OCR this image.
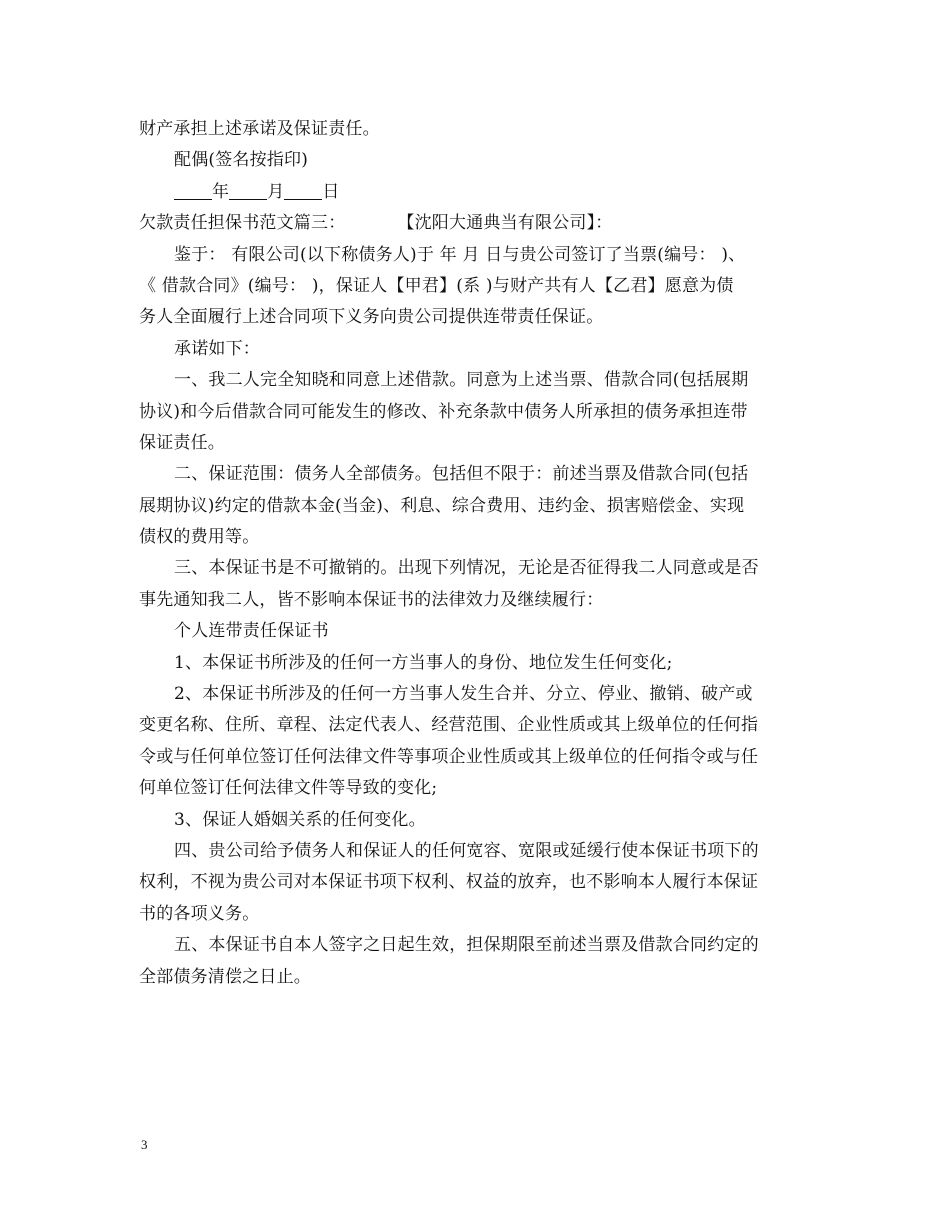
财产承担上述承诺及保证责任。
配偶(签名按指印)
年 月 日
欠款责任担保书范文篇三：	【沈阳大通典当有限公司】：
鉴于： 有限公司(以下称债务人)于 年 月 日与贵公司签订了当票(编号： )、
《 借款合同》(编号： )，保证人【甲君】(系 )与财产共有人【乙君】愿意为债
务人全面履行上述合同项下义务向贵公司提供连带责任保证。
承诺如下：
一、我二人完全知晓和同意上述借款。同意为上述当票、借款合同(包括展期
协议)和今后借款合同可能发生的修改、补充条款中债务人所承担的债务承担连带
保证责任。
二、保证范围：债务人全部债务。包括但不限于：前述当票及借款合同(包括
展期协议)约定的借款本金(当金)、利息、综合费用、违约金、损害赔偿金、实现
债权的费用等。
三、本保证书是不可撤销的。出现下列情况，无论是否征得我二人同意或是否
事先通知我二人，皆不影响本保证书的法律效力及继续履行：
个人连带责任保证书
1、本保证书所涉及的任何一方当事人的身份、地位发生任何变化;
2、本保证书所涉及的任何一方当事人发生合并、分立、停业、撤销、破产或
变更名称、住所、章程、法定代表人、经营范围、企业性质或其上级单位的任何指
令或与任何单位签订任何法律文件等事项企业性质或其上级单位的任何指令或与任
何单位签订任何法律文件等导致的变化;
3、保证人婚姻关系的任何变化。
四、贵公司给予债务人和保证人的任何宽容、宽限或延缓行使本保证书项下的
权利，不视为贵公司对本保证书项下权利、权益的放弃，也不影响本人履行本保证
书的各项义务。
五、本保证书自本人签字之日起生效，担保期限至前述当票及借款合同约定的
全部债务清偿之日止。
3
